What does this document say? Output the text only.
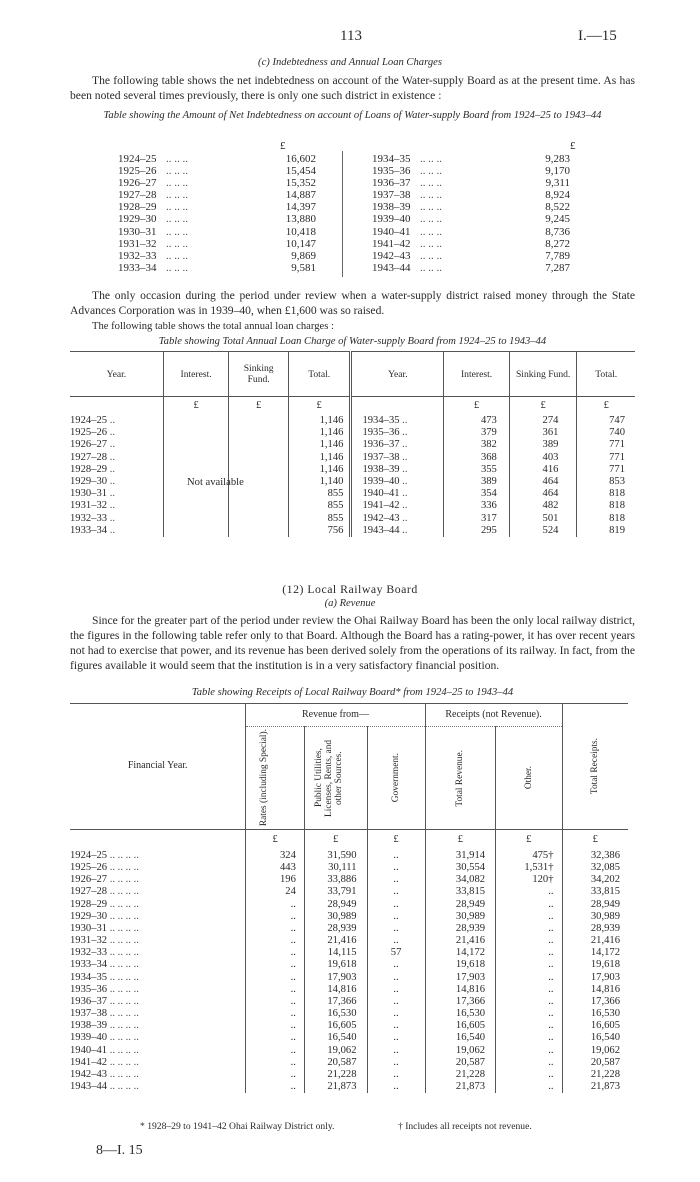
113	I.—15
(c) Indebtedness and Annual Loan Charges
The following table shows the net indebtedness on account of the Water-supply Board as at the present time. As has been noted several times previously, there is only one such district in existence :
Table showing the Amount of Net Indebtedness on account of Loans of Water-supply Board from 1924–25 to 1943–44
£	£
1924–25 .. .. ..	16,602	1934–35 .. .. ..	9,283
1925–26 .. .. ..	15,454	1935–36 .. .. ..	9,170
1926–27 .. .. ..	15,352	1936–37 .. .. ..	9,311
1927–28 .. .. ..	14,887	1937–38 .. .. ..	8,924
1928–29 .. .. ..	14,397	1938–39 .. .. ..	8,522
1929–30 .. .. ..	13,880	1939–40 .. .. ..	9,245
1930–31 .. .. ..	10,418	1940–41 .. .. ..	8,736
1931–32 .. .. ..	10,147	1941–42 .. .. ..	8,272
1932–33 .. .. ..	9,869	1942–43 .. .. ..	7,789
1933–34 .. .. ..	9,581	1943–44 .. .. ..	7,287
The only occasion during the period under review when a water-supply district raised money through the State Advances Corporation was in 1939–40, when £1,600 was so raised.
The following table shows the total annual loan charges :
Table showing Total Annual Loan Charge of Water-supply Board from 1924–25 to 1943–44
Year.	Interest.	Sinking Fund.	Total.	Year.	Interest.	Sinking Fund.	Total.
	£	£	£		£	£	£
1924–25 ..			1,146	1934–35 ..	473	274	747
1925–26 ..			1,146	1935–36 ..	379	361	740
1926–27 ..			1,146	1936–37 ..	382	389	771
1927–28 ..			1,146	1937–38 ..	368	403	771
1928–29 ..			1,146	1938–39 ..	355	416	771
1929–30 ..			1,140	1939–40 ..	389	464	853
1930–31 ..			855	1940–41 ..	354	464	818
1931–32 ..			855	1941–42 ..	336	482	818
1932–33 ..			855	1942–43 ..	317	501	818
1933–34 ..			756	1943–44 ..	295	524	819
Not available
(12) Local Railway Board
(a) Revenue
Since for the greater part of the period under review the Ohai Railway Board has been the only local railway district, the figures in the following table refer only to that Board. Although the Board has a rating-power, it has over recent years not had to exercise that power, and its revenue has been derived solely from the operations of its railway. In fact, from the figures available it would seem that the institution is in a very satisfactory financial position.
Table showing Receipts of Local Railway Board* from 1924–25 to 1943–44
Financial Year.	Revenue from—			Receipts (not Revenue).		Total Receipts.

	Rates (including Special).	Public Utilities, Licenses, Rents, and other Sources.	Government.	Total Revenue.	Other.	

	£	£	£	£	£	£
1924–25 .. .. .. ..	324	31,590	..	31,914	475†	32,386
1925–26 .. .. .. ..	443	30,111	..	30,554	1,531†	32,085
1926–27 .. .. .. ..	196	33,886	..	34,082	120†	34,202
1927–28 .. .. .. ..	24	33,791	..	33,815	..	33,815
1928–29 .. .. .. ..	..	28,949	..	28,949	..	28,949
1929–30 .. .. .. ..	..	30,989	..	30,989	..	30,989
1930–31 .. .. .. ..	..	28,939	..	28,939	..	28,939
1931–32 .. .. .. ..	..	21,416	..	21,416	..	21,416
1932–33 .. .. .. ..	..	14,115	57	14,172	..	14,172
1933–34 .. .. .. ..	..	19,618	..	19,618	..	19,618
1934–35 .. .. .. ..	..	17,903	..	17,903	..	17,903
1935–36 .. .. .. ..	..	14,816	..	14,816	..	14,816
1936–37 .. .. .. ..	..	17,366	..	17,366	..	17,366
1937–38 .. .. .. ..	..	16,530	..	16,530	..	16,530
1938–39 .. .. .. ..	..	16,605	..	16,605	..	16,605
1939–40 .. .. .. ..	..	16,540	..	16,540	..	16,540
1940–41 .. .. .. ..	..	19,062	..	19,062	..	19,062
1941–42 .. .. .. ..	..	20,587	..	20,587	..	20,587
1942–43 .. .. .. ..	..	21,228	..	21,228	..	21,228
1943–44 .. .. .. ..	..	21,873	..	21,873	..	21,873
* 1928–29 to 1941–42 Ohai Railway District only.	† Includes all receipts not revenue.
8—I. 15
